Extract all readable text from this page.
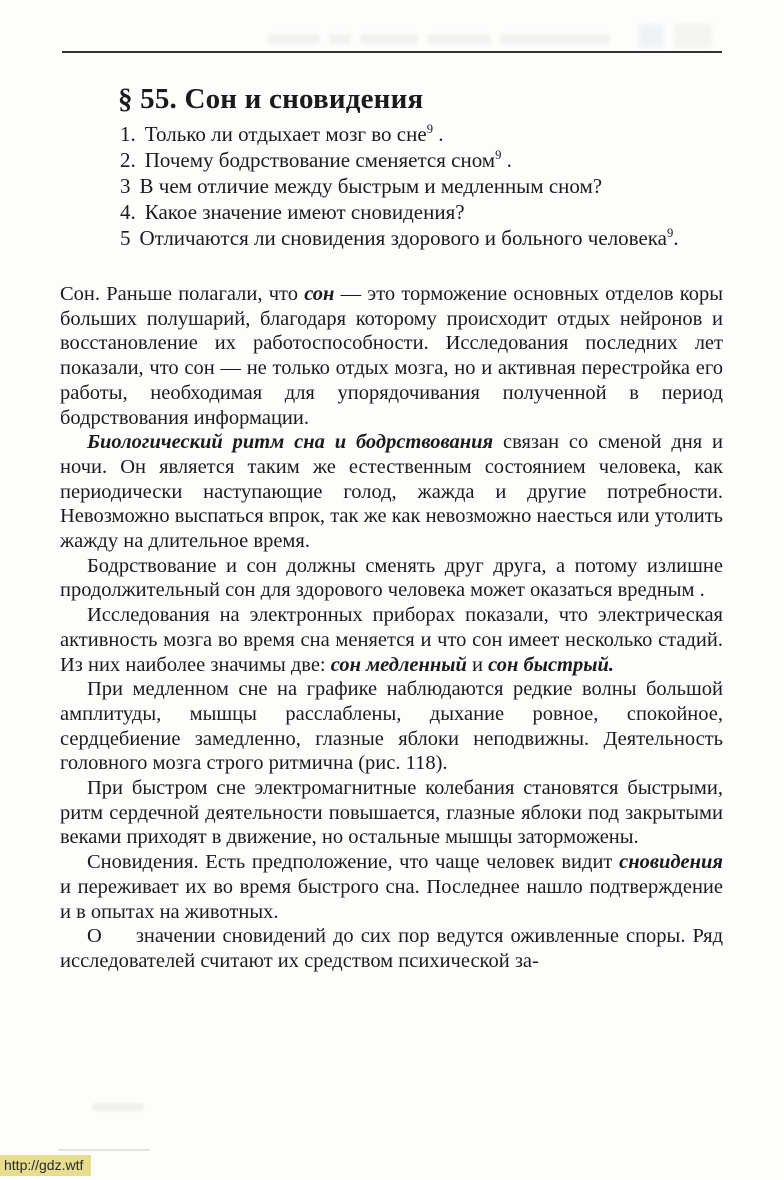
§ 55. Сон и сновидения
1. Только ли отдыхает мозг во сне$^9$ .
2. Почему бодрствование сменяется сном$^9$ .
3 В чем отличие между быстрым и медленным сном?
4. Какое значение имеют сновидения?
5 Отличаются ли сновидения здорового и больного человека$^9$.

Сон. Раньше полагали, что сон — это торможение основных отделов коры больших полушарий, благодаря которому происходит отдых нейронов и восстановление их работоспособности. Исследования последних лет показали, что сон — не только отдых мозга, но и активная перестройка его работы, необходимая для упорядочивания полученной в период бодрствования информации.

Биологический ритм сна и бодрствования связан со сменой дня и ночи. Он является таким же естественным состоянием человека, как периодически наступающие голод, жажда и другие потребности. Невозможно выспаться впрок, так же как невозможно наесться или утолить жажду на длительное время.

Бодрствование и сон должны сменять друг друга, а потому излишне продолжительный сон для здорового человека может оказаться вредным .

Исследования на электронных приборах показали, что электрическая активность мозга во время сна меняется и что сон имеет несколько стадий. Из них наиболее значимы две: сон медленный и сон быстрый.

При медленном сне на графике наблюдаются редкие волны большой амплитуды, мышцы расслаблены, дыхание ровное, спокойное, сердцебиение замедленно, глазные яблоки неподвижны. Деятельность головного мозга строго ритмична (рис. 118).

При быстром сне электромагнитные колебания становятся быстрыми, ритм сердечной деятельности повышается, глазные яблоки под закрытыми веками приходят в движение, но остальные мышцы заторможены.

Сновидения. Есть предположение, что чаще человек видит сновидения и переживает их во время быстрого сна. Последнее нашло подтверждение и в опытах на животных.

О значении сновидений до сих пор ведутся оживленные споры. Ряд исследователей считают их средством психической за-

http://gdz.wtf
